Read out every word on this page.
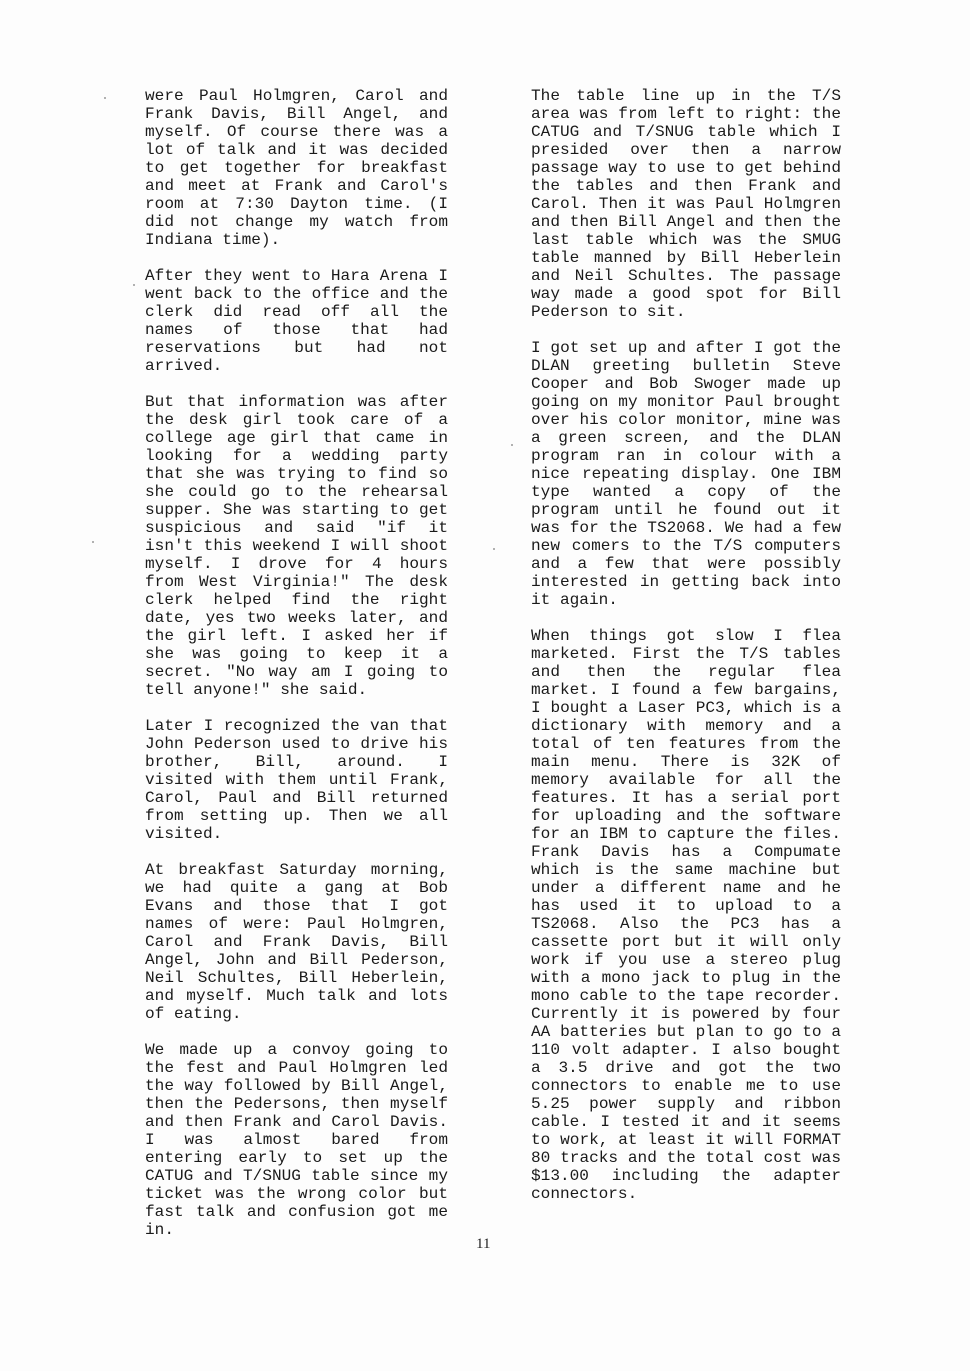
were Paul Holmgren, Carol and Frank Davis, Bill Angel, and myself. Of course there was a lot of talk and it was decided to get together for breakfast and meet at Frank and Carol's room at 7:30 Dayton time. (I did not change my watch from Indiana time).

After they went to Hara Arena I went back to the office and the clerk did read off all the names of those that had reservations but had not arrived.

But that information was after the desk girl took care of a college age girl that came in looking for a wedding party that she was trying to find so she could go to the rehearsal supper. She was starting to get suspicious and said "if it isn't this weekend I will shoot myself. I drove for 4 hours from West Virginia!" The desk clerk helped find the right date, yes two weeks later, and the girl left. I asked her if she was going to keep it a secret. "No way am I going to tell anyone!" she said.

Later I recognized the van that John Pederson used to drive his brother, Bill, around. I visited with them until Frank, Carol, Paul and Bill returned from setting up. Then we all visited.

At breakfast Saturday morning, we had quite a gang at Bob Evans and those that I got names of were: Paul Holmgren, Carol and Frank Davis, Bill Angel, John and Bill Pederson, Neil Schultes, Bill Heberlein, and myself. Much talk and lots of eating.

We made up a convoy going to the fest and Paul Holmgren led the way followed by Bill Angel, then the Pedersons, then myself and then Frank and Carol Davis. I was almost bared from entering early to set up the CATUG and T/SNUG table since my ticket was the wrong color but fast talk and confusion got me in.

The table line up in the T/S area was from left to right: the CATUG and T/SNUG table which I presided over then a narrow passage way to use to get behind the tables and then Frank and Carol. Then it was Paul Holmgren and then Bill Angel and then the last table which was the SMUG table manned by Bill Heberlein and Neil Schultes. The passage way made a good spot for Bill Pederson to sit.

I got set up and after I got the DLAN greeting bulletin Steve Cooper and Bob Swoger made up going on my monitor Paul brought over his color monitor, mine was a green screen, and the DLAN program ran in colour with a nice repeating display. One IBM type wanted a copy of the program until he found out it was for the TS2068. We had a few new comers to the T/S computers and a few that were possibly interested in getting back into it again.

When things got slow I flea marketed. First the T/S tables and then the regular flea market. I found a few bargains, I bought a Laser PC3, which is a dictionary with memory and a total of ten features from the main menu. There is 32K of memory available for all the features. It has a serial port for uploading and the software for an IBM to capture the files. Frank Davis has a Compumate which is the same machine but under a different name and he has used it to upload to a TS2068. Also the PC3 has a cassette port but it will only work if you use a stereo plug with a mono jack to plug in the mono cable to the tape recorder. Currently it is powered by four AA batteries but plan to go to a 110 volt adapter. I also bought a 3.5 drive and got the two connectors to enable me to use 5.25 power supply and ribbon cable. I tested it and it seems to work, at least it will FORMAT 80 tracks and the total cost was $13.00 including the adapter connectors.

11
